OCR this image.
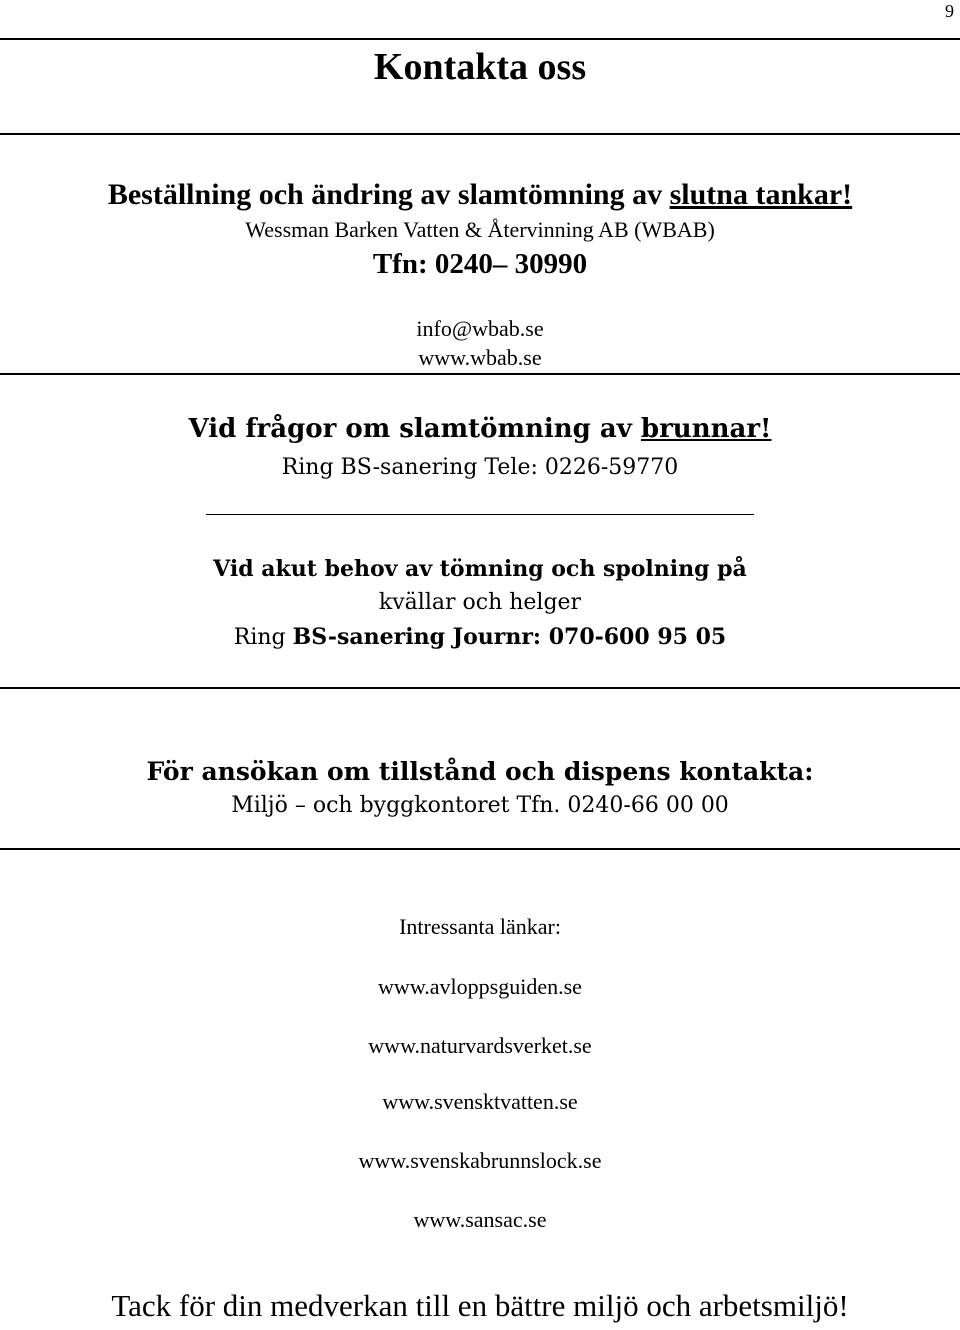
9
Kontakta oss
Beställning och ändring av slamtömning av slutna tankar!
Wessman Barken Vatten & Återvinning AB (WBAB)
Tfn: 0240– 30990
info@wbab.se
www.wbab.se
Vid frågor om slamtömning av brunnar!
Ring BS-sanering Tele: 0226-59770
Vid akut behov av tömning och spolning på
kvällar och helger
Ring BS-sanering Journr: 070-600 95 05
För ansökan om tillstånd och dispens kontakta:
Miljö – och byggkontoret Tfn. 0240-66 00 00
Intressanta länkar:
www.avloppsguiden.se
www.naturvardsverket.se
www.svensktvatten.se
www.svenskabrunnslock.se
www.sansac.se
Tack för din medverkan till en bättre miljö och arbetsmiljö!
